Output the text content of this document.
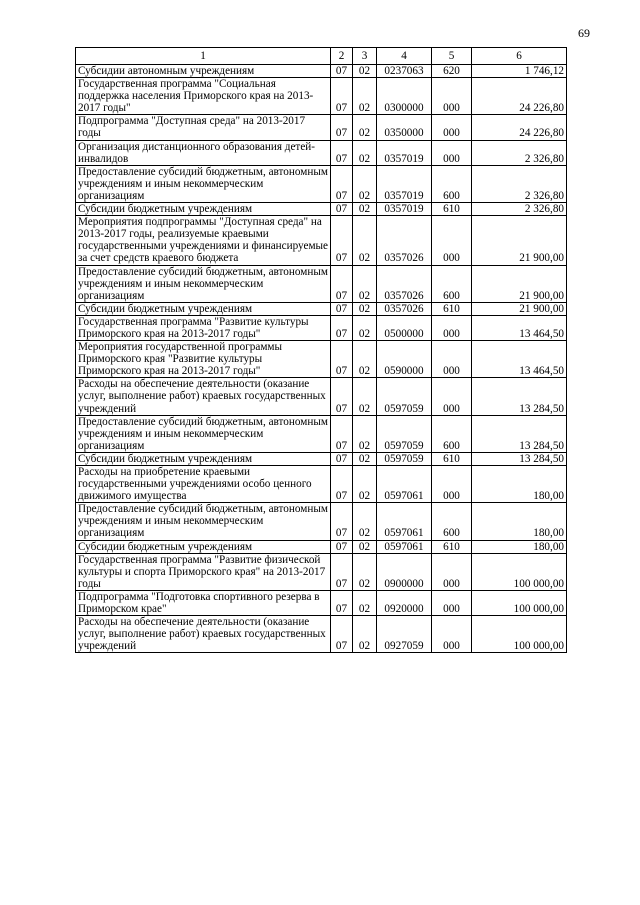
69
1	2	3	4	5	6
Субсидии автономным учреждениям	07	02	0237063	620	1 746,12
Государственная программа "Социальная поддержка населения Приморского края на 2013-2017 годы"	07	02	0300000	000	24 226,80
Подпрограмма "Доступная среда" на 2013-2017 годы	07	02	0350000	000	24 226,80
Организация дистанционного образования детей-инвалидов	07	02	0357019	000	2 326,80
Предоставление субсидий бюджетным, автономным учреждениям и иным некоммерческим организациям	07	02	0357019	600	2 326,80
Субсидии бюджетным учреждениям	07	02	0357019	610	2 326,80
Мероприятия подпрограммы "Доступная среда" на 2013-2017 годы, реализуемые краевыми государственными учреждениями и финансируемые за счет средств краевого бюджета	07	02	0357026	000	21 900,00
Предоставление субсидий бюджетным, автономным учреждениям и иным некоммерческим организациям	07	02	0357026	600	21 900,00
Субсидии бюджетным учреждениям	07	02	0357026	610	21 900,00
Государственная программа "Развитие культуры Приморского края на 2013-2017 годы"	07	02	0500000	000	13 464,50
Мероприятия государственной программы Приморского края "Развитие культуры Приморского края на 2013-2017 годы"	07	02	0590000	000	13 464,50
Расходы на обеспечение деятельности (оказание услуг, выполнение работ) краевых государственных учреждений	07	02	0597059	000	13 284,50
Предоставление субсидий бюджетным, автономным учреждениям и иным некоммерческим организациям	07	02	0597059	600	13 284,50
Субсидии бюджетным учреждениям	07	02	0597059	610	13 284,50
Расходы на приобретение краевыми государственными учреждениями особо ценного движимого имущества	07	02	0597061	000	180,00
Предоставление субсидий бюджетным, автономным учреждениям и иным некоммерческим организациям	07	02	0597061	600	180,00
Субсидии бюджетным учреждениям	07	02	0597061	610	180,00
Государственная программа "Развитие физической культуры и спорта Приморского края" на 2013-2017 годы	07	02	0900000	000	100 000,00
Подпрограмма "Подготовка спортивного резерва в Приморском крае"	07	02	0920000	000	100 000,00
Расходы на обеспечение деятельности (оказание услуг, выполнение работ) краевых государственных учреждений	07	02	0927059	000	100 000,00
